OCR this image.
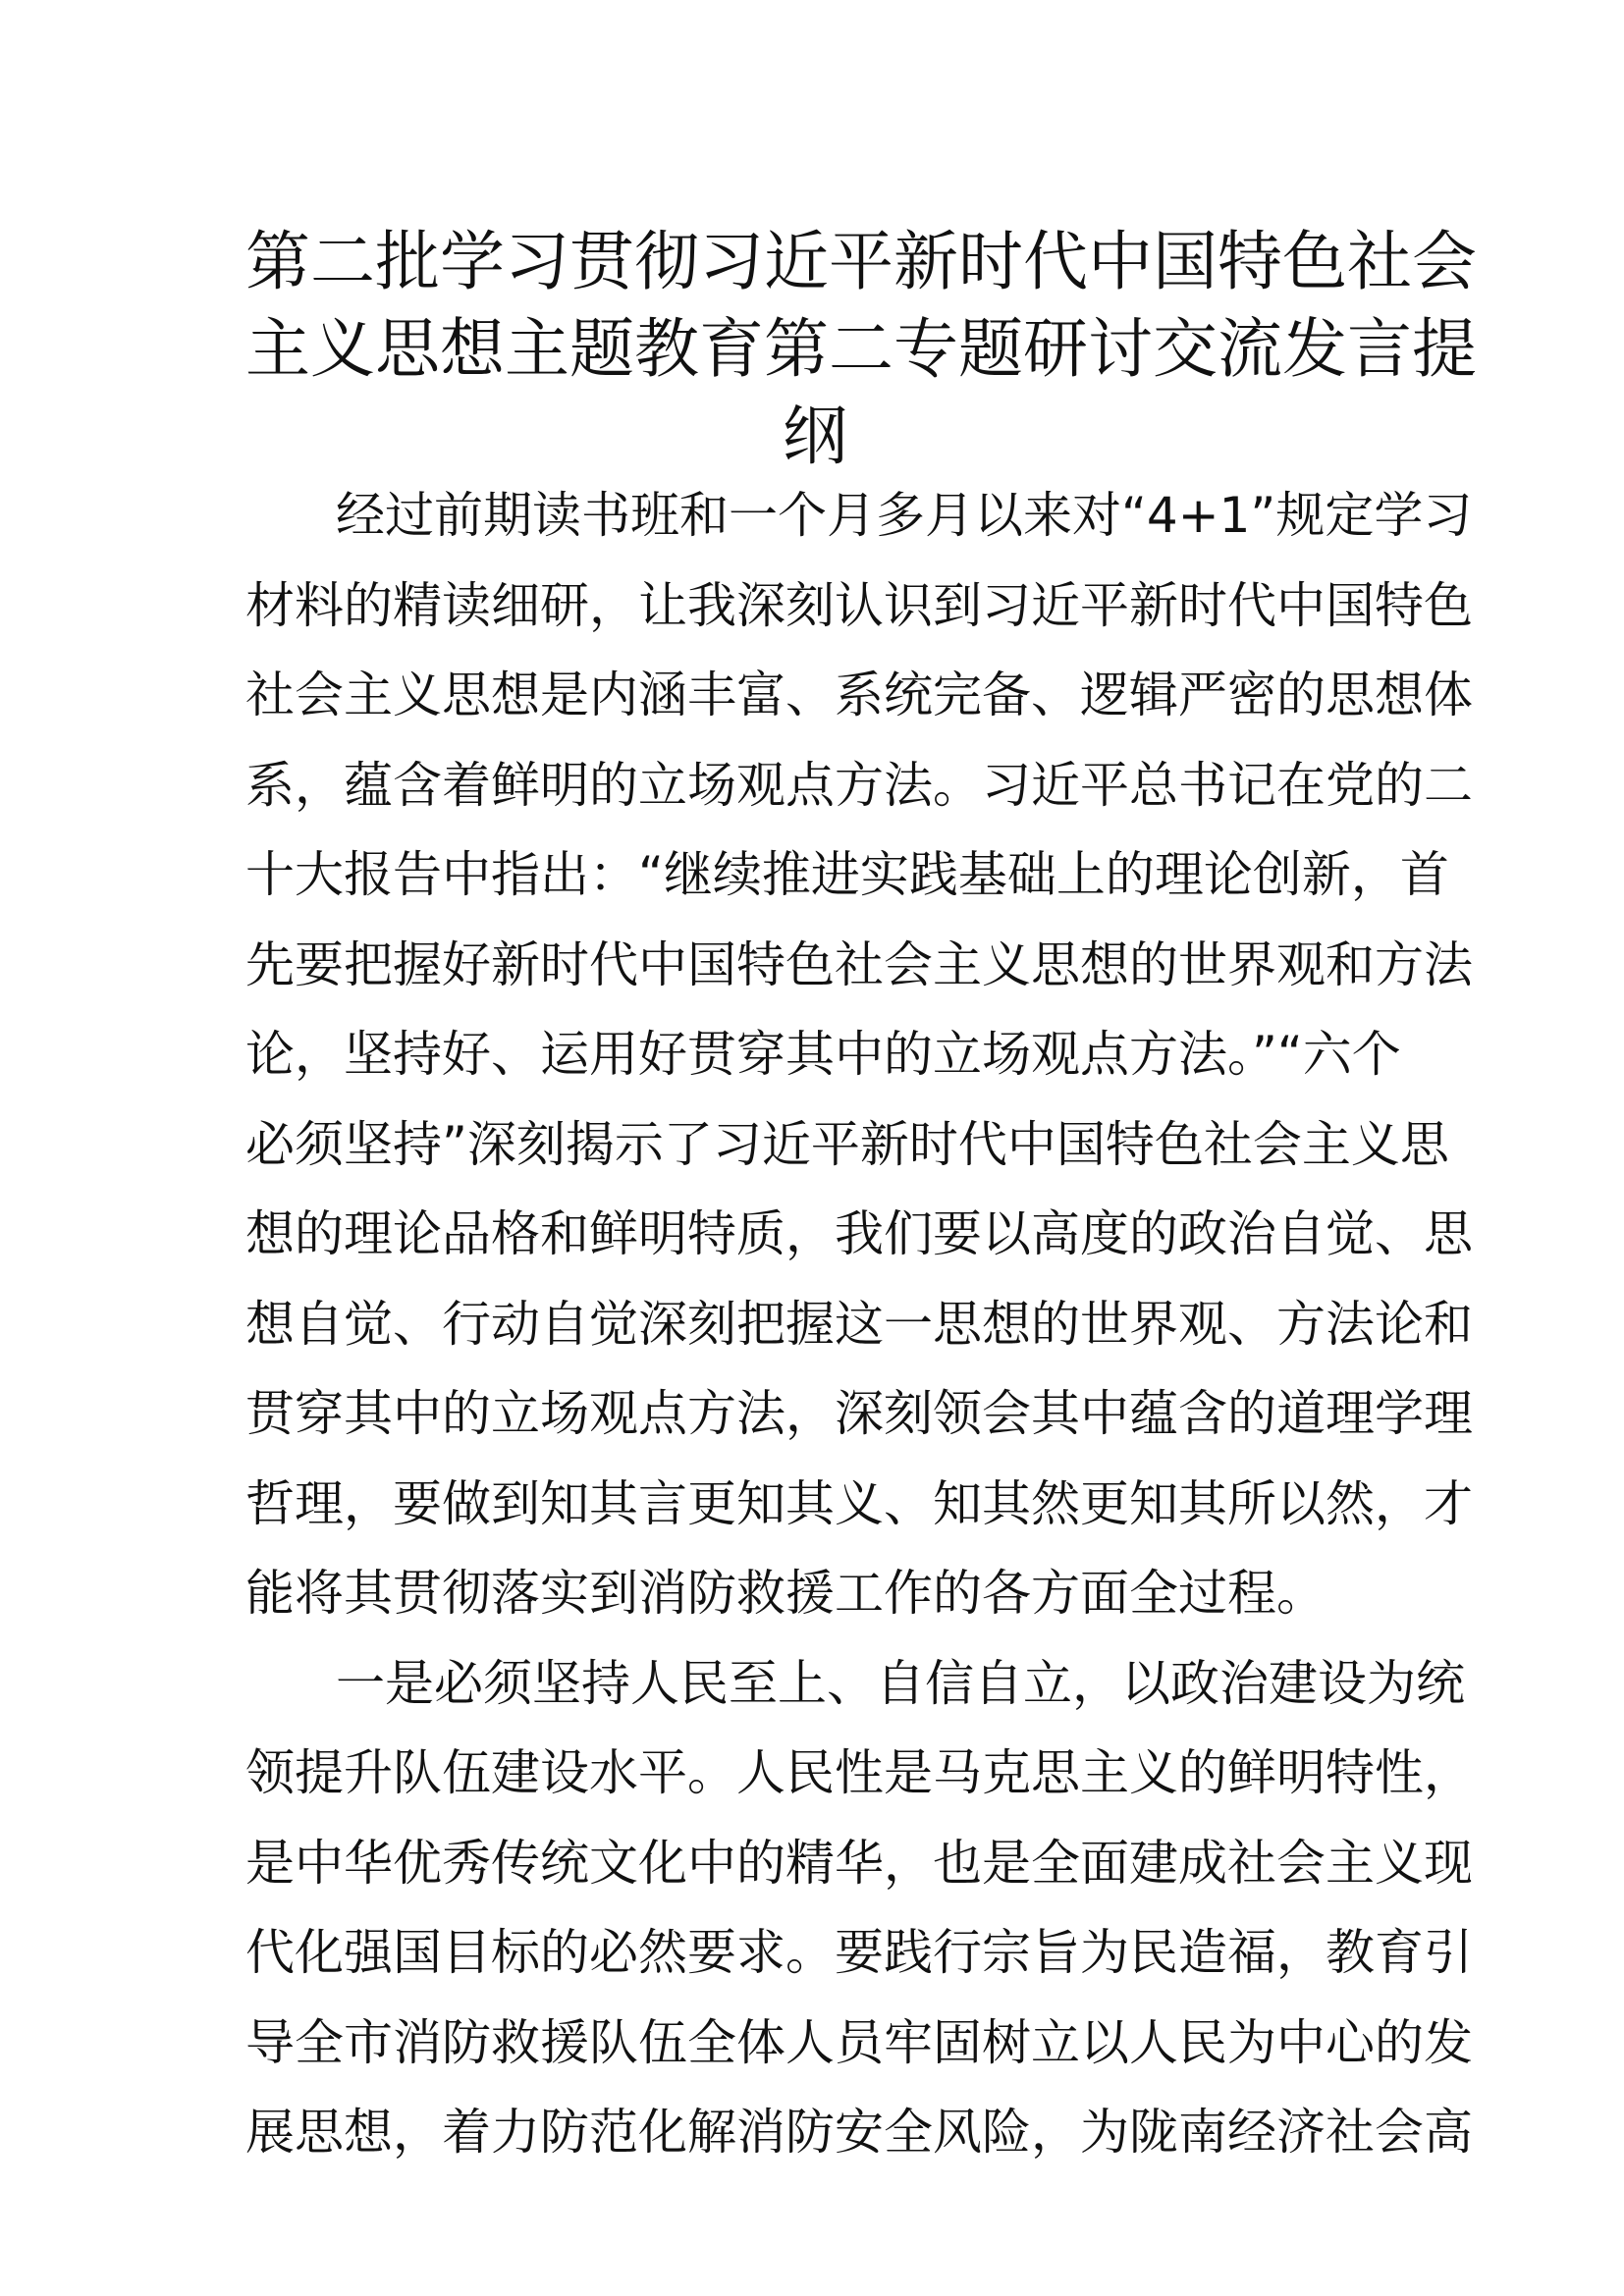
第二批学习贯彻习近平新时代中国特色社会
主义思想主题教育第二专题研讨交流发言提
纲

经过前期读书班和一个月多月以来对“4+1”规定学习
材料的精读细研，让我深刻认识到习近平新时代中国特色
社会主义思想是内涵丰富、系统完备、逻辑严密的思想体
系，蕴含着鲜明的立场观点方法。习近平总书记在党的二
十大报告中指出：“继续推进实践基础上的理论创新，首
先要把握好新时代中国特色社会主义思想的世界观和方法
论，坚持好、运用好贯穿其中的立场观点方法。”“六个
必须坚持”深刻揭示了习近平新时代中国特色社会主义思
想的理论品格和鲜明特质，我们要以高度的政治自觉、思
想自觉、行动自觉深刻把握这一思想的世界观、方法论和
贯穿其中的立场观点方法，深刻领会其中蕴含的道理学理
哲理，要做到知其言更知其义、知其然更知其所以然，才
能将其贯彻落实到消防救援工作的各方面全过程。

一是必须坚持人民至上、自信自立，以政治建设为统
领提升队伍建设水平。人民性是马克思主义的鲜明特性，
是中华优秀传统文化中的精华，也是全面建成社会主义现
代化强国目标的必然要求。要践行宗旨为民造福，教育引
导全市消防救援队伍全体人员牢固树立以人民为中心的发
展思想，着力防范化解消防安全风险，为陇南经济社会高
